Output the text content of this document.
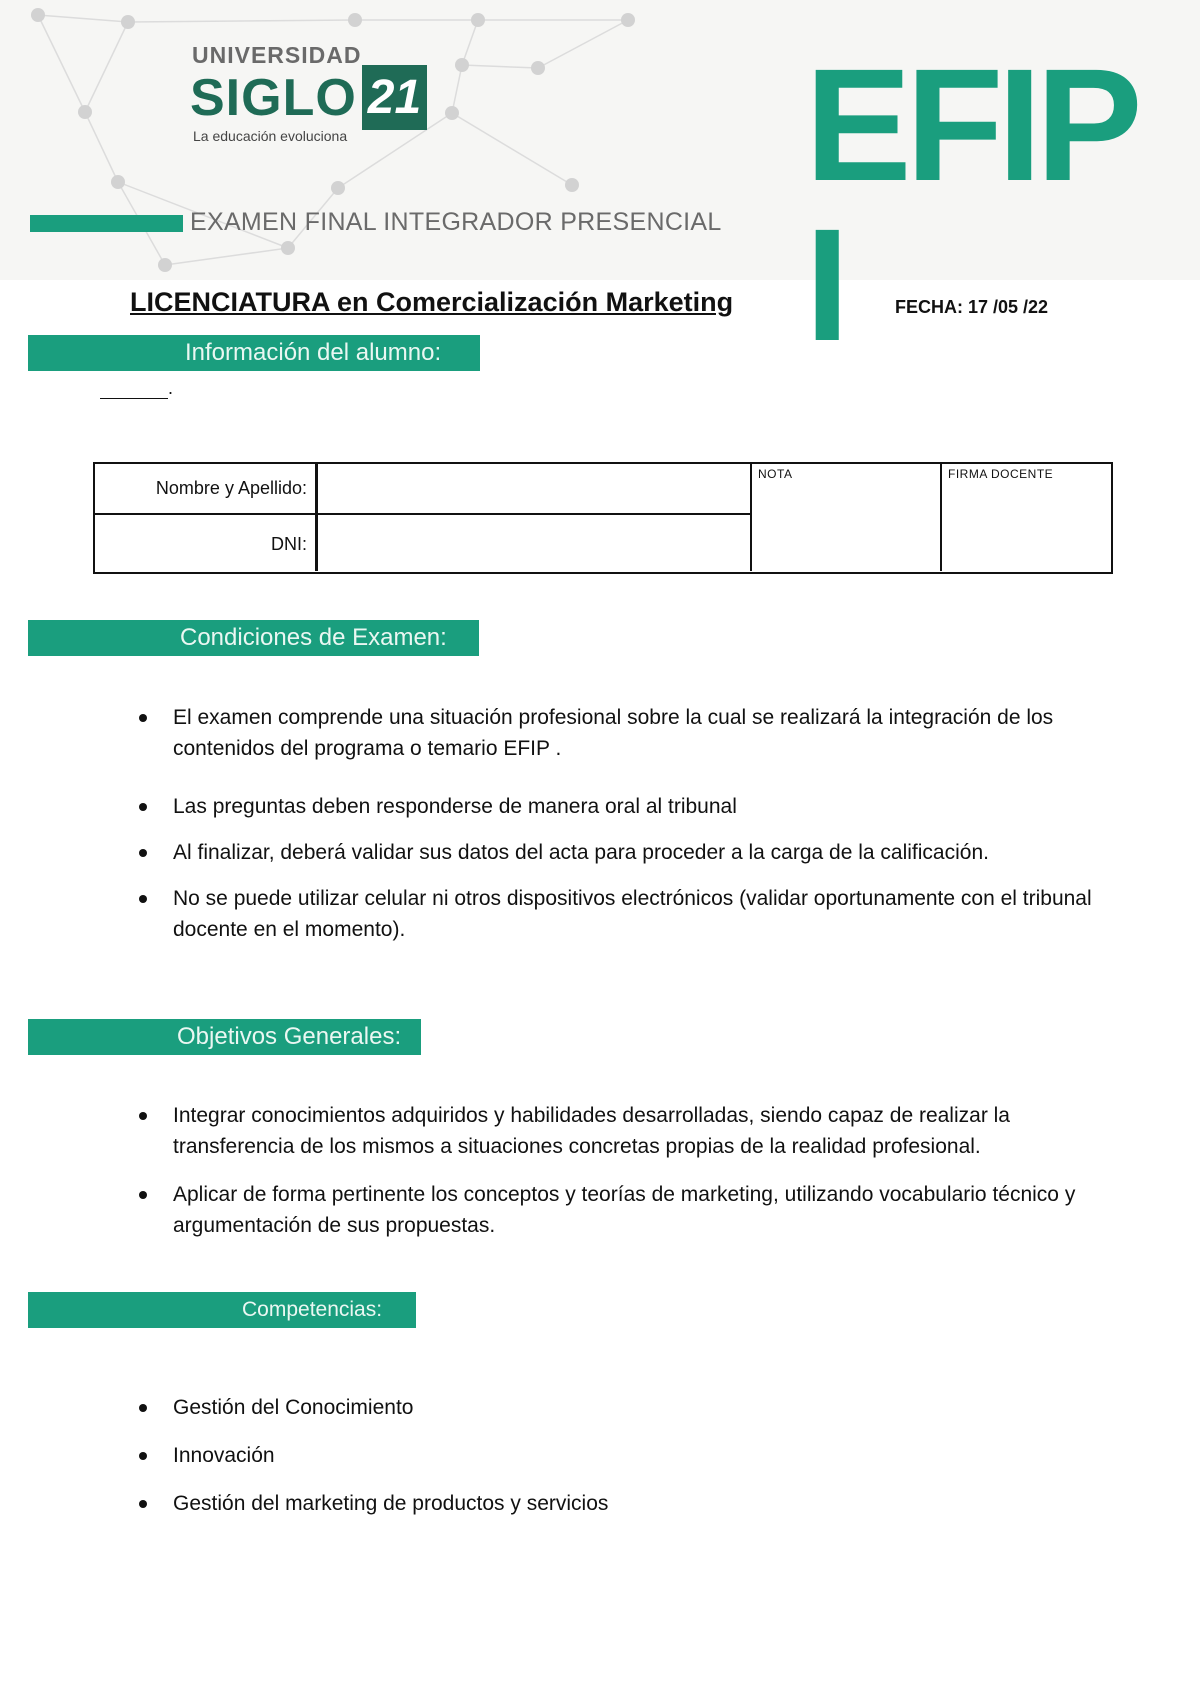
UNIVERSIDAD
SIGLO 21
La educación evoluciona
EXAMEN FINAL INTEGRADOR PRESENCIAL
EFIP I
LICENCIATURA en Comercialización Marketing	FECHA: 17 /05 /22
Información del alumno:
.
Nombre y Apellido:
DNI:
NOTA	FIRMA DOCENTE
Condiciones de Examen:
El examen comprende una situación profesional sobre la cual se realizará la integración de los contenidos del programa o temario EFIP .
Las preguntas deben responderse de manera oral al tribunal
Al finalizar, deberá validar sus datos del acta para proceder a la carga de la calificación.
No se puede utilizar celular ni otros dispositivos electrónicos (validar oportunamente con el tribunal docente en el momento).
Objetivos Generales:
Integrar conocimientos adquiridos y habilidades desarrolladas, siendo capaz de realizar la transferencia de los mismos a situaciones concretas propias de la realidad profesional.
Aplicar de forma pertinente los conceptos y teorías de marketing, utilizando vocabulario técnico y argumentación de sus propuestas.
Competencias:
Gestión del Conocimiento
Innovación
Gestión del marketing de productos y servicios
